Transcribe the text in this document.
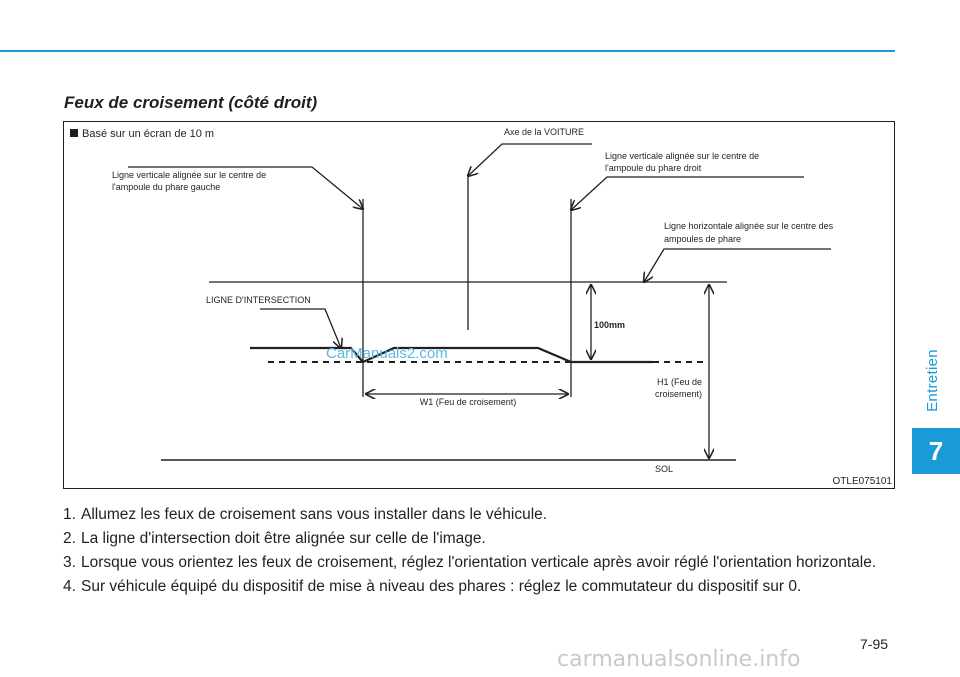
Entretien
7
Feux de croisement (côté droit)
Basé sur un écran de 10 m
100mm
H1 (Feu de
croisement)
W1 (Feu de croisement)
Ligne verticale alignée sur le centre de
l'ampoule du phare gauche
Axe de la VOITURE
Ligne verticale alignée sur le centre de
l'ampoule du phare droit
Ligne horizontale alignée sur le centre des
ampoules de phare
LIGNE D'INTERSECTION
SOL
OTLE075101
CarManuals2.com
1. Allumez les feux de croisement sans vous installer dans le véhicule.
2. La ligne d'intersection doit être alignée sur celle de l'image.
3. Lorsque vous orientez les feux de croisement, réglez l'orientation verticale après avoir réglé l'orientation horizontale.
4. Sur véhicule équipé du dispositif de mise à niveau des phares : réglez le commutateur du dispositif sur 0.
7-95
carmanualsonline.info
